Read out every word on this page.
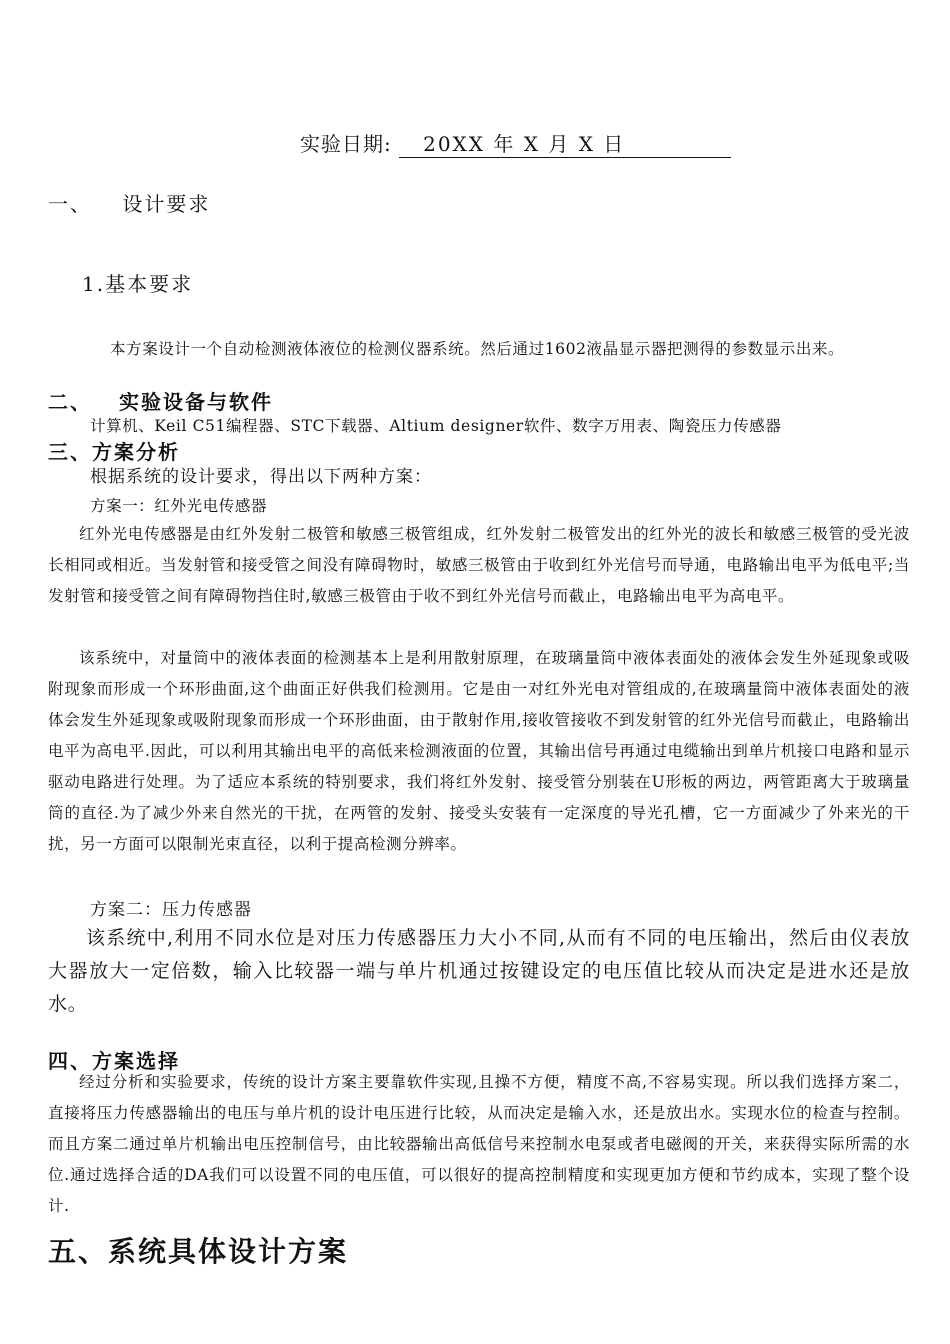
实验日期: 20XX 年 X 月 X 日
一、 设计要求
1.基本要求
本方案设计一个自动检测液体液位的检测仪器系统。然后通过1602液晶显示器把测得的参数显示出来。
二、 实验设备与软件
计算机、Keil C51编程器、STC下载器、Altium designer软件、数字万用表、陶瓷压力传感器
三、方案分析
根据系统的设计要求，得出以下两种方案：
方案一：红外光电传感器
红外光电传感器是由红外发射二极管和敏感三极管组成，红外发射二极管发出的红外光的波长和敏感三极管的受光波长相同或相近。当发射管和接受管之间没有障碍物时，敏感三极管由于收到红外光信号而导通，电路输出电平为低电平;当发射管和接受管之间有障碍物挡住时,敏感三极管由于收不到红外光信号而截止，电路输出电平为高电平。
该系统中，对量筒中的液体表面的检测基本上是利用散射原理，在玻璃量筒中液体表面处的液体会发生外延现象或吸附现象而形成一个环形曲面,这个曲面正好供我们检测用。它是由一对红外光电对管组成的,在玻璃量筒中液体表面处的液体会发生外延现象或吸附现象而形成一个环形曲面，由于散射作用,接收管接收不到发射管的红外光信号而截止，电路输出电平为高电平.因此，可以利用其输出电平的高低来检测液面的位置，其输出信号再通过电缆输出到单片机接口电路和显示驱动电路进行处理。为了适应本系统的特别要求，我们将红外发射、接受管分别装在U形板的两边，两管距离大于玻璃量筒的直径.为了减少外来自然光的干扰，在两管的发射、接受头安装有一定深度的导光孔槽，它一方面减少了外来光的干扰，另一方面可以限制光束直径，以利于提高检测分辨率。
方案二：压力传感器
该系统中,利用不同水位是对压力传感器压力大小不同,从而有不同的电压输出，然后由仪表放大器放大一定倍数，输入比较器一端与单片机通过按键设定的电压值比较从而决定是进水还是放水。
四、方案选择
经过分析和实验要求，传统的设计方案主要靠软件实现,且操不方便，精度不高,不容易实现。所以我们选择方案二，直接将压力传感器输出的电压与单片机的设计电压进行比较，从而决定是输入水，还是放出水。实现水位的检查与控制。而且方案二通过单片机输出电压控制信号，由比较器输出高低信号来控制水电泵或者电磁阀的开关，来获得实际所需的水位.通过选择合适的DA我们可以设置不同的电压值，可以很好的提高控制精度和实现更加方便和节约成本，实现了整个设计.
五、系统具体设计方案
